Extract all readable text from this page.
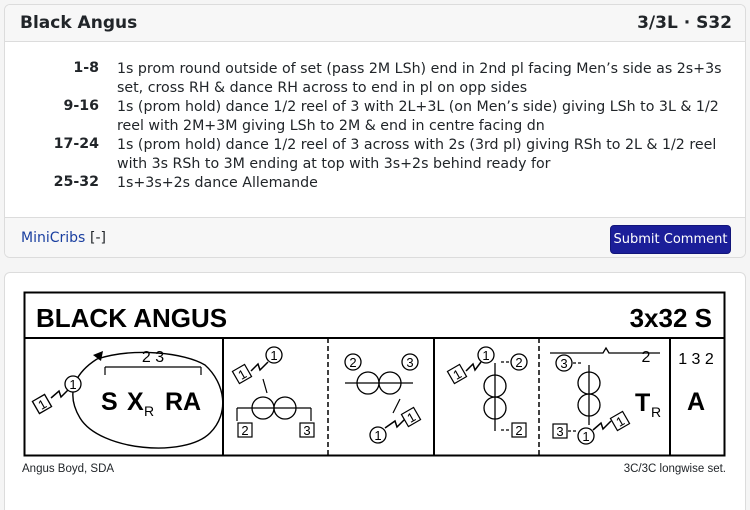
Black Angus	3/3L · S32
1-8 1s prom round outside of set (pass 2M LSh) end in 2nd pl facing Men’s side as 2s+3s set, cross RH & dance RH across to end in pl on opp sides
9-16 1s (prom hold) dance 1/2 reel of 3 with 2L+3L (on Men’s side) giving LSh to 3L & 1/2 reel with 2M+3M giving LSh to 2M & end in centre facing dn
17-24 1s (prom hold) dance 1/2 reel of 3 across with 2s (3rd pl) giving RSh to 2L & 1/2 reel with 3s RSh to 3M ending at top with 3s+2s behind ready for
25-32 1s+3s+2s dance Allemande
MiniCribs [-]	Submit Comment
BLACK ANGUS	3x32 S
2 3
S X R RA
1
1
2	3
1
1	2	3
1
1
2
2
1
1
3	2
3 1
1
T R
1 3 2
A
Angus Boyd, SDA	3C/3C longwise set.
